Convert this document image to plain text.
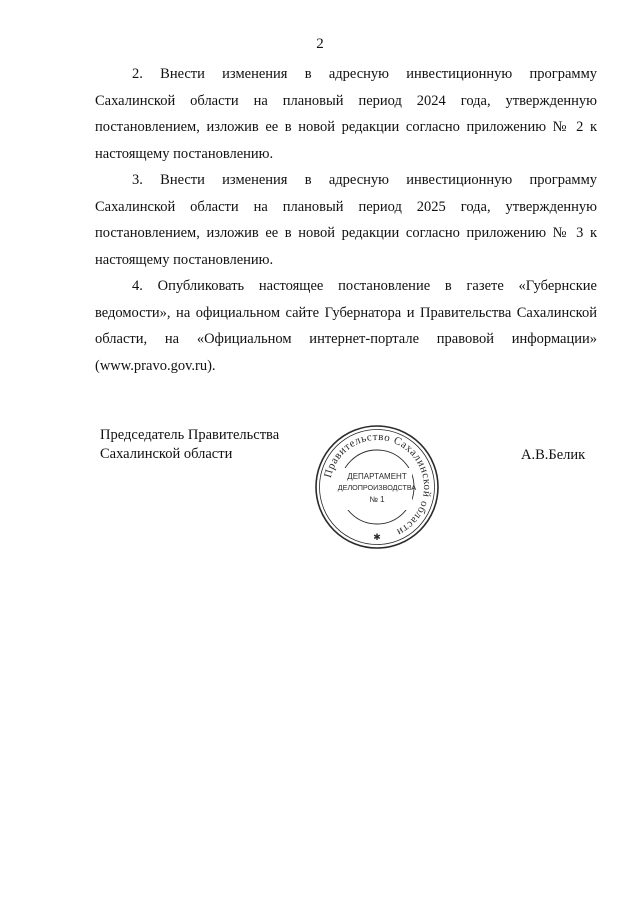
2

2. Внести изменения в адресную инвестиционную программу Сахалинской области на плановый период 2024 года, утвержденную постановлением, изложив ее в новой редакции согласно приложению № 2 к настоящему постановлению.

3. Внести изменения в адресную инвестиционную программу Сахалинской области на плановый период 2025 года, утвержденную постановлением, изложив ее в новой редакции согласно приложению № 3 к настоящему постановлению.

4. Опубликовать настоящее постановление в газете «Губернские ведомости», на официальном сайте Губернатора и Правительства Сахалинской области, на «Официальном интернет-портале правовой информации» (www.pravo.gov.ru).

Председатель Правительства
Сахалинской области	А.В.Белик
Правительство Сахалинской области
ДЕПАРТАМЕНТ
ДЕЛОПРОИЗВОДСТВА
№ 1
✱
